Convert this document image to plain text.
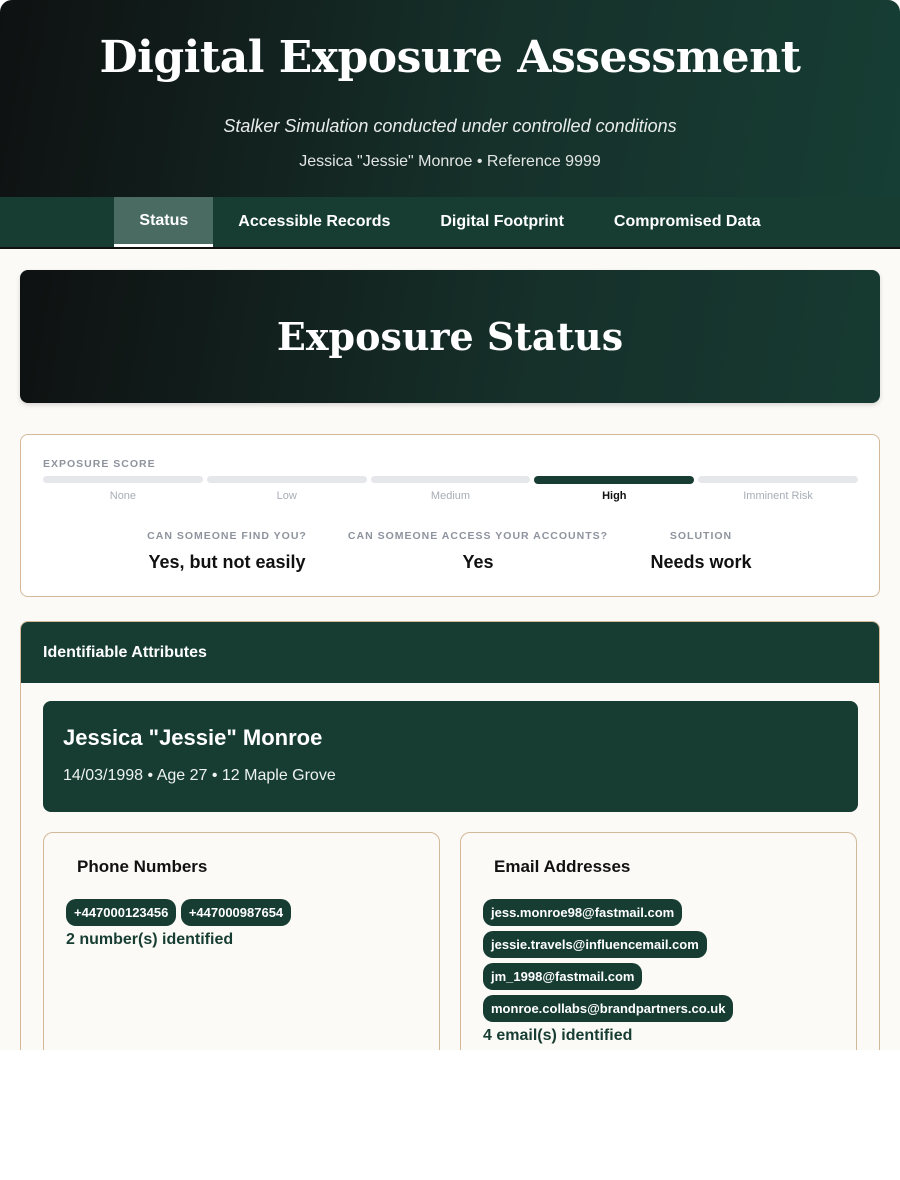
Digital Exposure Assessment
Stalker Simulation conducted under controlled conditions
Jessica "Jessie" Monroe • Reference 9999
Status	Accessible Records	Digital Footprint	Compromised Data
Exposure Status
EXPOSURE SCORE
None	Low	Medium	High	Imminent Risk
CAN SOMEONE FIND YOU?
Yes, but not easily
CAN SOMEONE ACCESS YOUR ACCOUNTS?
Yes
SOLUTION
Needs work
Identifiable Attributes
Jessica "Jessie" Monroe
14/03/1998 • Age 27 • 12 Maple Grove
Phone Numbers
+447000123456 +447000987654
2 number(s) identified
Email Addresses
jess.monroe98@fastmail.com
jessie.travels@influencemail.com
jm_1998@fastmail.com
monroe.collabs@brandpartners.co.uk
4 email(s) identified
